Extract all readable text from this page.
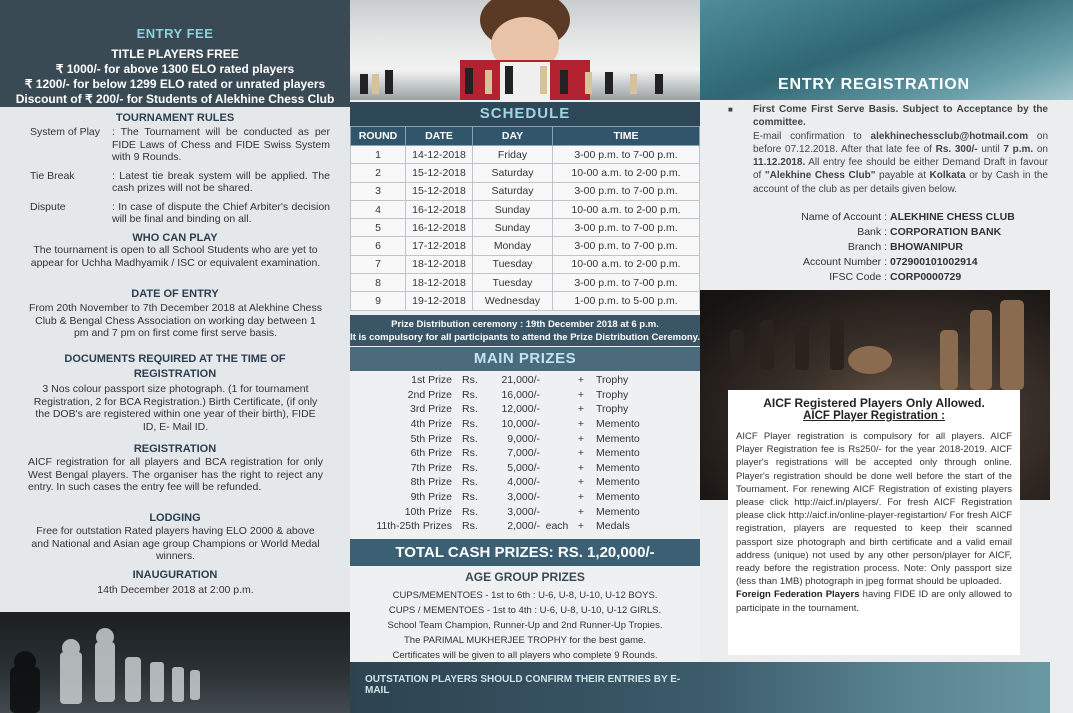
ENTRY FEE
TITLE PLAYERS FREE
₹ 1000/- for above 1300 ELO rated players
₹ 1200/- for below 1299 ELO rated or unrated players
Discount of ₹ 200/- for Students of Alekhine Chess Club
TOURNAMENT RULES
System of Play	: The Tournament will be conducted as per FIDE Laws of Chess and FIDE Swiss System with 9 Rounds.
Tie Break	: Latest tie break system will be applied. The cash prizes will not be shared.
Dispute	: In case of dispute the Chief Arbiter's decision will be final and binding on all.
WHO CAN PLAY
The tournament is open to all School Students who are yet to appear for Uchha Madhyamik / ISC or equivalent examination.
DATE OF ENTRY
From 20th November to 7th December 2018 at Alekhine Chess Club & Bengal Chess Association on working day between 1 pm and 7 pm on first come first serve basis.
DOCUMENTS REQUIRED AT THE TIME OF
REGISTRATION
3 Nos colour passport size photograph. (1 for tournament Registration, 2 for BCA Registration.) Birth Certificate, (if only the DOB's are registered within one year of their birth), FIDE ID, E- Mail ID.
REGISTRATION
AICF registration for all players and BCA registration for only West Bengal players. The organiser has the right to reject any entry. In such cases the entry fee will be refunded.
LODGING
Free for outstation Rated players having ELO 2000 & above and National and Asian age group Champions or World Medal winners.
INAUGURATION
14th December 2018 at 2:00 p.m.
SCHEDULE
ROUND	DATE	DAY	TIME
1	14-12-2018	Friday	3-00 p.m. to 7-00 p.m.
2	15-12-2018	Saturday	10-00 a.m. to 2-00 p.m.
3	15-12-2018	Saturday	3-00 p.m. to 7-00 p.m.
4	16-12-2018	Sunday	10-00 a.m. to 2-00 p.m.
5	16-12-2018	Sunday	3-00 p.m. to 7-00 p.m.
6	17-12-2018	Monday	3-00 p.m. to 7-00 p.m.
7	18-12-2018	Tuesday	10-00 a.m. to 2-00 p.m.
8	18-12-2018	Tuesday	3-00 p.m. to 7-00 p.m.
9	19-12-2018	Wednesday	1-00 p.m. to 5-00 p.m.
Prize Distribution ceremony : 19th December 2018 at 6 p.m.
It is compulsory for all participants to attend the Prize Distribution Ceremony.
MAIN PRIZES
1st Prize Rs.	21,000/-	+	Trophy
2nd Prize Rs.	16,000/-	+	Trophy
3rd Prize Rs.	12,000/-	+	Trophy
4th Prize Rs.	10,000/-	+	Memento
5th Prize Rs.	9,000/-	+	Memento
6th Prize Rs.	7,000/-	+	Memento
7th Prize Rs.	5,000/-	+	Memento
8th Prize Rs.	4,000/-	+	Memento
9th Prize Rs.	3,000/-	+	Memento
10th Prize Rs.	3,000/-	+	Memento
11th-25th Prizes Rs.	2,000/- each +	Medals
TOTAL CASH PRIZES: RS. 1,20,000/-
AGE GROUP PRIZES
CUPS/MEMENTOES - 1st to 6th : U-6, U-8, U-10, U-12 BOYS.
CUPS / MEMENTOES - 1st to 4th : U-6, U-8, U-10, U-12 GIRLS.
School Team Champion, Runner-Up and 2nd Runner-Up Tropies.
The PARIMAL MUKHERJEE TROPHY for the best game.
Certificates will be given to all players who complete 9 Rounds.
OUTSTATION PLAYERS SHOULD CONFIRM THEIR ENTRIES BY E-MAIL
ENTRY REGISTRATION
■	First Come First Serve Basis. Subject to Acceptance by the committee.
E-mail confirmation to alekhinechessclub@hotmail.com on before 07.12.2018. After that late fee of Rs. 300/- until 7 p.m. on 11.12.2018. All entry fee should be either Demand Draft in favour of "Alekhine Chess Club" payable at Kolkata or by Cash in the account of the club as per details given below.
Name of Account : ALEKHINE CHESS CLUB
Bank : CORPORATION BANK
Branch : BHOWANIPUR
Account Number : 072900101002914
IFSC Code : CORP0000729
AICF Registered Players Only Allowed.
AICF Player Registration :
AICF Player registration is compulsory for all players. AICF Player Registration fee is Rs250/- for the year 2018-2019. AICF player's registrations will be accepted only through online. Player's registration should be done well before the start of the Tournament. For renewing AICF Registration of existing players please click http://aicf.in/players/. For fresh AICF Registration please click http://aicf.in/online-player-registartion/ For fresh AICF registration, players are requested to keep their scanned passport size photograph and birth certificate and a valid email address (unique) not used by any other person/player for AICF, ready before the registration process. Note: Only passport size (less than 1MB) photograph in jpeg format should be uploaded.
Foreign Federation Players having FIDE ID are only allowed to participate in the tournament.
